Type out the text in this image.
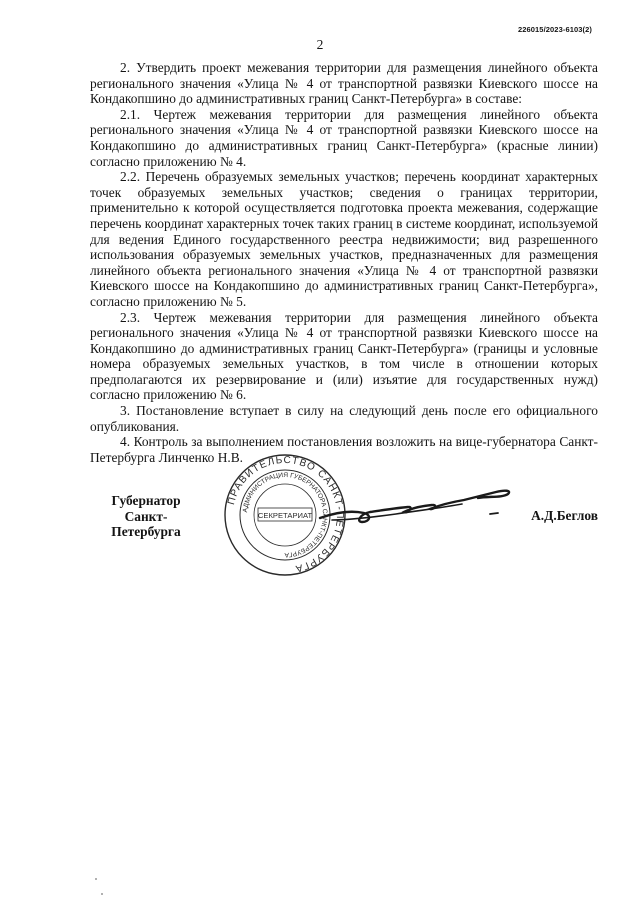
226015/2023-6103(2)
2

2. Утвердить проект межевания территории для размещения линейного объекта регионального значения «Улица № 4 от транспортной развязки Киевского шоссе на Кондакопшино до административных границ Санкт-Петербурга» в составе:

2.1. Чертеж межевания территории для размещения линейного объекта регионального значения «Улица № 4 от транспортной развязки Киевского шоссе на Кондакопшино до административных границ Санкт-Петербурга» (красные линии) согласно приложению № 4.

2.2. Перечень образуемых земельных участков; перечень координат характерных точек образуемых земельных участков; сведения о границах территории, применительно к которой осуществляется подготовка проекта межевания, содержащие перечень координат характерных точек таких границ в системе координат, используемой для ведения Единого государственного реестра недвижимости; вид разрешенного использования образуемых земельных участков, предназначенных для размещения линейного объекта регионального значения «Улица № 4 от транспортной развязки Киевского шоссе на Кондакопшино до административных границ Санкт-Петербурга», согласно приложению № 5.

2.3. Чертеж межевания территории для размещения линейного объекта регионального значения «Улица № 4 от транспортной развязки Киевского шоссе на Кондакопшино до административных границ Санкт-Петербурга» (границы и условные номера образуемых земельных участков, в том числе в отношении которых предполагаются их резервирование и (или) изъятие для государственных нужд) согласно приложению № 6.

3. Постановление вступает в силу на следующий день после его официального опубликования.

4. Контроль за выполнением постановления возложить на вице-губернатора Санкт-Петербурга Линченко Н.В.

Губернатор
Санкт-Петербурга
ПРАВИТЕЛЬСТВО САНКТ-ПЕТЕРБУРГА
АДМИНИСТРАЦИЯ ГУБЕРНАТОРА САНКТ-ПЕТЕРБУРГА
СЕКРЕТАРИАТ	А.Д.Беглов
